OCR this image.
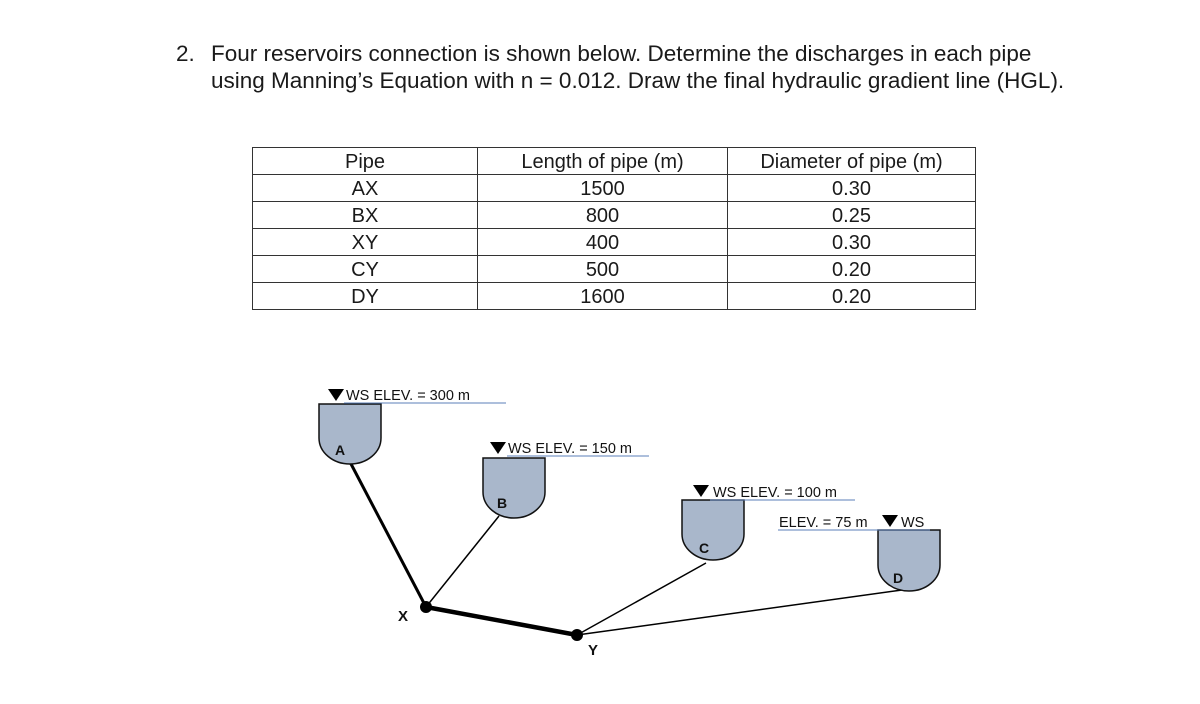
2. Four reservoirs connection is shown below. Determine the discharges in each pipe using Manning’s Equation with n = 0.012. Draw the final hydraulic gradient line (HGL).
Pipe	Length of pipe (m)	Diameter of pipe (m)
AX	1500	0.30
BX	800	0.25
XY	400	0.30
CY	500	0.20
DY	1600	0.20
WS ELEV. = 300 m
A	WS ELEV. = 150 m
B
WS ELEV. = 100 m
C
ELEV. = 75 m WS
D
X
Y
